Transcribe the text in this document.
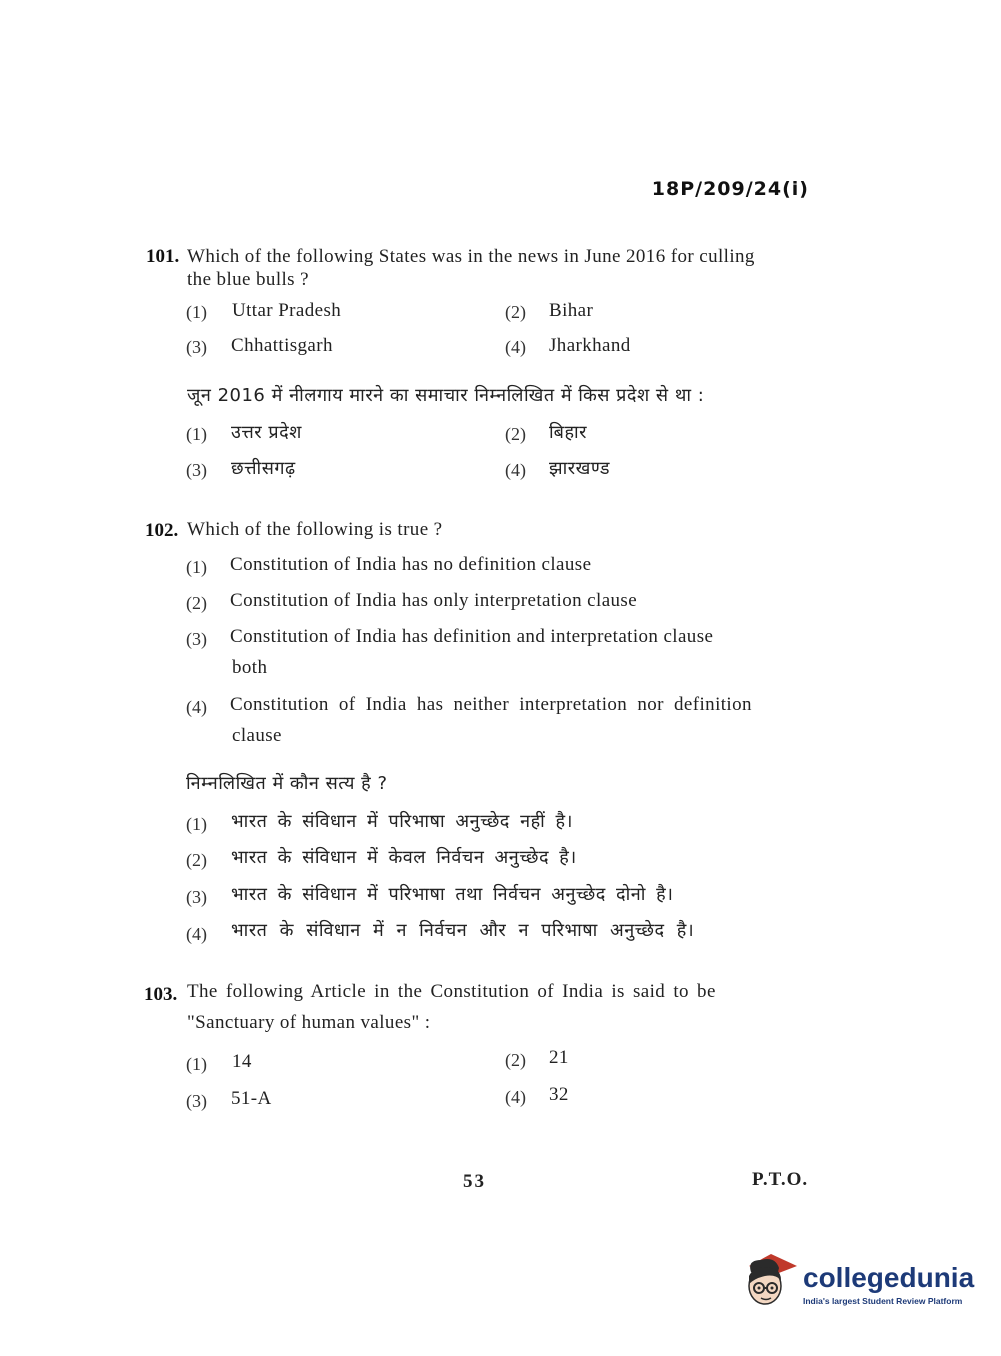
18P/209/24(i)
101. Which of the following States was in the news in June 2016 for culling
the blue bulls ?
(1) Uttar Pradesh	(2) Bihar
(3) Chhattisgarh	(4) Jharkhand
जून 2016 में नीलगाय मारने का समाचार निम्नलिखित में किस प्रदेश से था :
(1) उत्तर प्रदेश	(2) बिहार
(3) छत्तीसगढ़	(4) झारखण्ड
102. Which of the following is true ?
(1) Constitution of India has no definition clause
(2) Constitution of India has only interpretation clause
(3) Constitution of India has definition and interpretation clause
both
(4) Constitution of India has neither interpretation nor definition
clause
निम्नलिखित में कौन सत्य है ?
(1) भारत के संविधान में परिभाषा अनुच्छेद नहीं है।
(2) भारत के संविधान में केवल निर्वचन अनुच्छेद है।
(3) भारत के संविधान में परिभाषा तथा निर्वचन अनुच्छेद दोनो है।
(4) भारत के संविधान में न निर्वचन और न परिभाषा अनुच्छेद है।
103. The following Article in the Constitution of India is said to be
"Sanctuary of human values" :
(1) 14	(2) 21
(3) 51-A	(4) 32
53	P.T.O.
collegedunia
India's largest Student Review Platform
